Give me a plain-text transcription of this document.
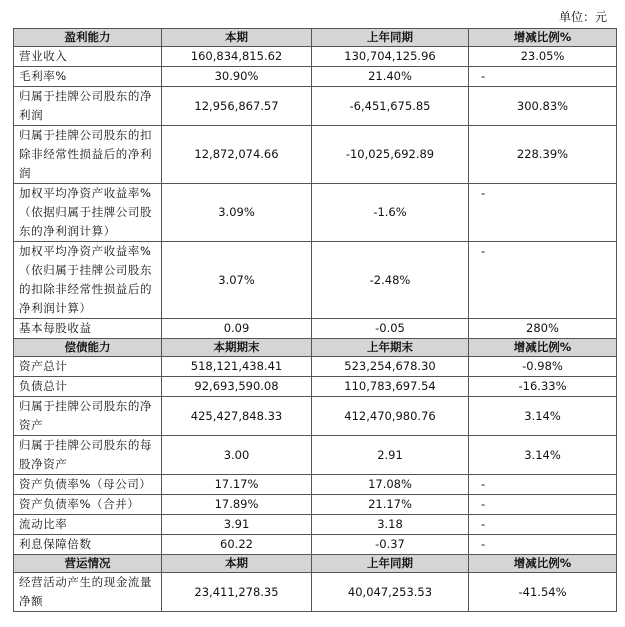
单位：元
盈利能力	本期	上年同期	增减比例%
营业收入	160,834,815.62	130,704,125.96	23.05%
毛利率%	30.90%	21.40%	-
归属于挂牌公司股东的净利润	12,956,867.57	-6,451,675.85	300.83%
归属于挂牌公司股东的扣除非经常性损益后的净利润	12,872,074.66	-10,025,692.89	228.39%
加权平均净资产收益率%（依据归属于挂牌公司股东的净利润计算）	3.09%	-1.6%	-
加权平均净资产收益率%（依归属于挂牌公司股东的扣除非经常性损益后的净利润计算）	3.07%	-2.48%	-
基本每股收益	0.09	-0.05	280%
偿债能力	本期期末	上年期末	增减比例%
资产总计	518,121,438.41	523,254,678.30	-0.98%
负债总计	92,693,590.08	110,783,697.54	-16.33%
归属于挂牌公司股东的净资产	425,427,848.33	412,470,980.76	3.14%
归属于挂牌公司股东的每股净资产	3.00	2.91	3.14%
资产负债率%（母公司）	17.17%	17.08%	-
资产负债率%（合并）	17.89%	21.17%	-
流动比率	3.91	3.18	-
利息保障倍数	60.22	-0.37	-
营运情况	本期	上年同期	增减比例%
经营活动产生的现金流量净额	23,411,278.35	40,047,253.53	-41.54%
